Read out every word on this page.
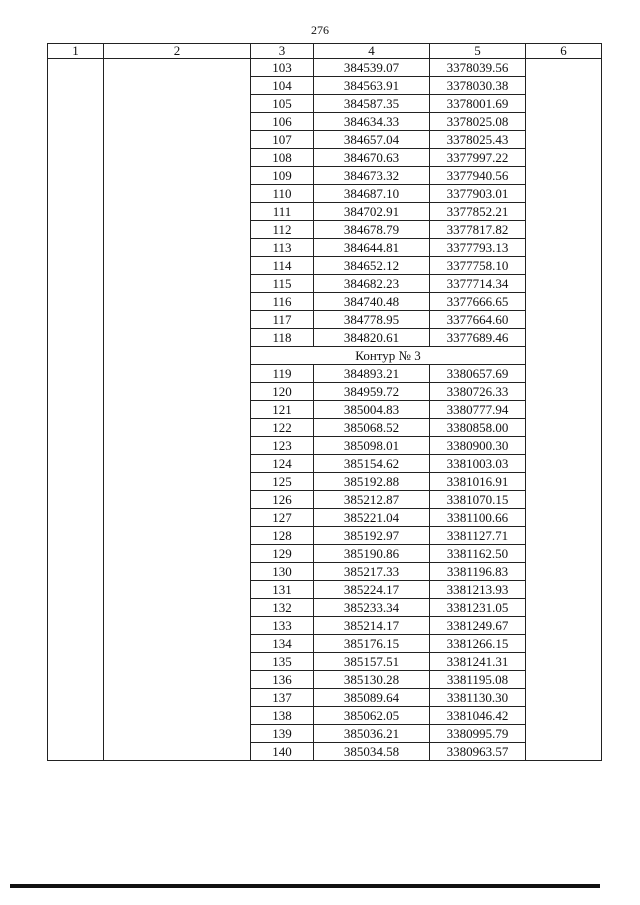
276
1	2	3	4	5	6
		103	384539.07	3378039.56	
		104	384563.91	3378030.38	
		105	384587.35	3378001.69	
		106	384634.33	3378025.08	
		107	384657.04	3378025.43	
		108	384670.63	3377997.22	
		109	384673.32	3377940.56	
		110	384687.10	3377903.01	
		111	384702.91	3377852.21	
		112	384678.79	3377817.82	
		113	384644.81	3377793.13	
		114	384652.12	3377758.10	
		115	384682.23	3377714.34	
		116	384740.48	3377666.65	
		117	384778.95	3377664.60	
		118	384820.61	3377689.46	
		Контур № 3			
		119	384893.21	3380657.69	
		120	384959.72	3380726.33	
		121	385004.83	3380777.94	
		122	385068.52	3380858.00	
		123	385098.01	3380900.30	
		124	385154.62	3381003.03	
		125	385192.88	3381016.91	
		126	385212.87	3381070.15	
		127	385221.04	3381100.66	
		128	385192.97	3381127.71	
		129	385190.86	3381162.50	
		130	385217.33	3381196.83	
		131	385224.17	3381213.93	
		132	385233.34	3381231.05	
		133	385214.17	3381249.67	
		134	385176.15	3381266.15	
		135	385157.51	3381241.31	
		136	385130.28	3381195.08	
		137	385089.64	3381130.30	
		138	385062.05	3381046.42	
		139	385036.21	3380995.79	
		140	385034.58	3380963.57	
